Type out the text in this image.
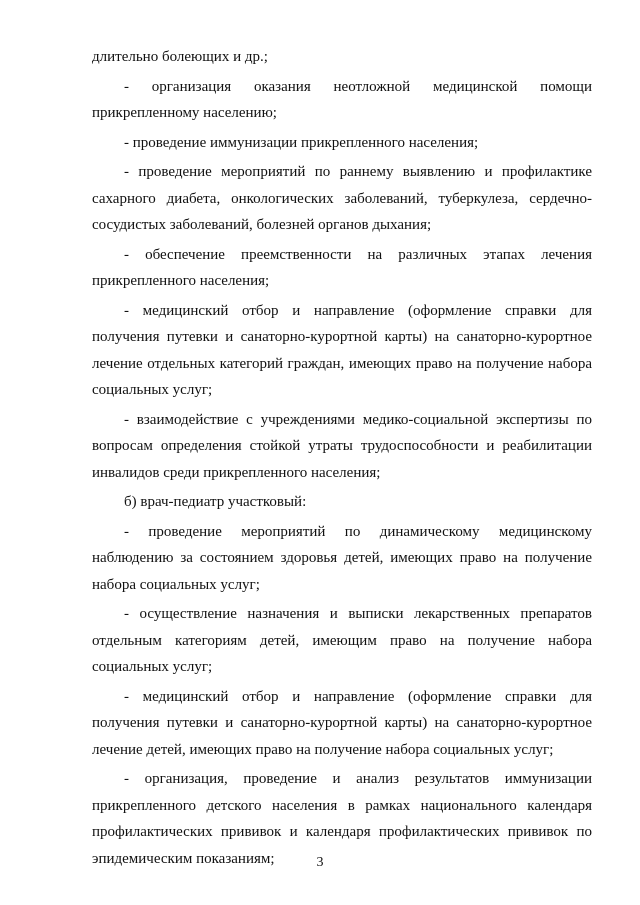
длительно болеющих и др.;

- организация оказания неотложной медицинской помощи прикрепленному населению;

- проведение иммунизации прикрепленного населения;

- проведение мероприятий по раннему выявлению и профилактике сахарного диабета, онкологических заболеваний, туберкулеза, сердечно-сосудистых заболеваний, болезней органов дыхания;

- обеспечение преемственности на различных этапах лечения прикрепленного населения;

- медицинский отбор и направление (оформление справки для получения путевки и санаторно-курортной карты) на санаторно-курортное лечение отдельных категорий граждан, имеющих право на получение набора социальных услуг;

- взаимодействие с учреждениями медико-социальной экспертизы по вопросам определения стойкой утраты трудоспособности и реабилитации инвалидов среди прикрепленного населения;

б) врач-педиатр участковый:

- проведение мероприятий по динамическому медицинскому наблюдению за состоянием здоровья детей, имеющих право на получение набора социальных услуг;

- осуществление назначения и выписки лекарственных препаратов отдельным категориям детей, имеющим право на получение набора социальных услуг;

- медицинский отбор и направление (оформление справки для получения путевки и санаторно-курортной карты) на санаторно-курортное лечение детей, имеющих право на получение набора социальных услуг;

- организация, проведение и анализ результатов иммунизации прикрепленного детского населения в рамках национального календаря профилактических прививок и календаря профилактических прививок по эпидемическим показаниям;	3
